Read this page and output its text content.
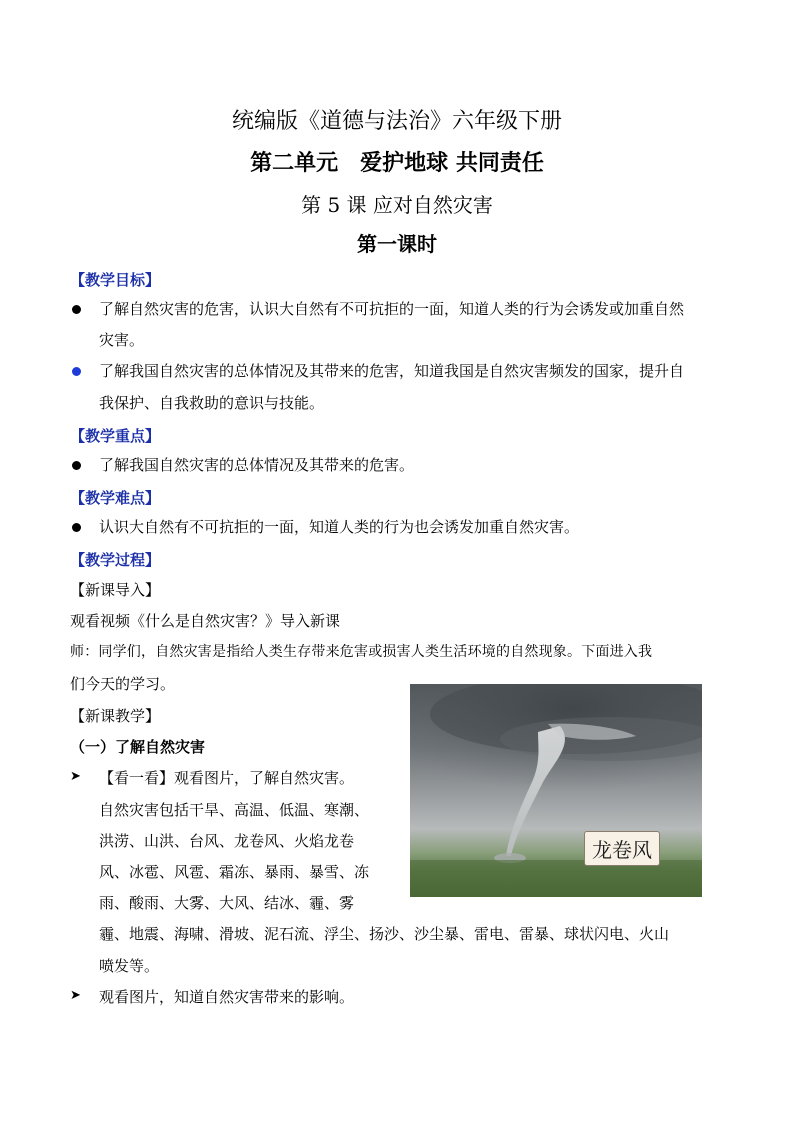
统编版《道德与法治》六年级下册
第二单元 爱护地球 共同责任
第 5 课 应对自然灾害
第一课时
【教学目标】
了解自然灾害的危害，认识大自然有不可抗拒的一面，知道人类的行为会诱发或加重自然
灾害。
了解我国自然灾害的总体情况及其带来的危害，知道我国是自然灾害频发的国家，提升自
我保护、自我救助的意识与技能。
【教学重点】
了解我国自然灾害的总体情况及其带来的危害。
【教学难点】
认识大自然有不可抗拒的一面，知道人类的行为也会诱发加重自然灾害。
【教学过程】
【新课导入】
观看视频《什么是自然灾害？》导入新课
师：同学们，自然灾害是指给人类生存带来危害或损害人类生活环境的自然现象。下面进入我
们今天的学习。
【新课教学】
（一）了解自然灾害
➤ 【看一看】观看图片，了解自然灾害。
自然灾害包括干旱、高温、低温、寒潮、
洪涝、山洪、台风、龙卷风、火焰龙卷
风、冰雹、风雹、霜冻、暴雨、暴雪、冻
雨、酸雨、大雾、大风、结冰、霾、雾
霾、地震、海啸、滑坡、泥石流、浮尘、扬沙、沙尘暴、雷电、雷暴、球状闪电、火山
喷发等。
➤ 观看图片，知道自然灾害带来的影响。
龙卷风
